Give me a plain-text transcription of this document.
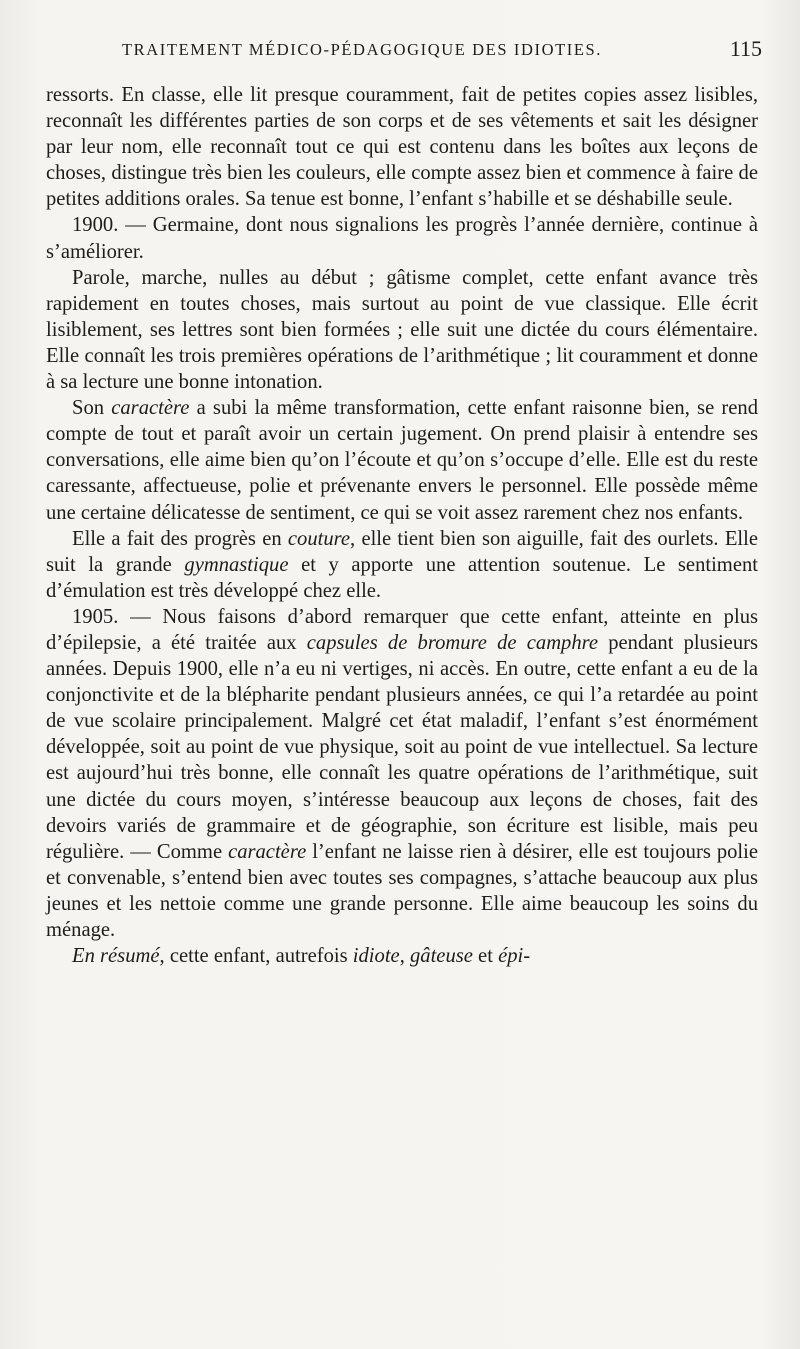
TRAITEMENT MÉDICO-PÉDAGOGIQUE DES IDIOTIES.	115

ressorts. En classe, elle lit presque couramment, fait de petites copies assez lisibles, reconnaît les différentes parties de son corps et de ses vêtements et sait les désigner par leur nom, elle reconnaît tout ce qui est contenu dans les boîtes aux leçons de choses, distingue très bien les couleurs, elle compte assez bien et commence à faire de petites additions orales. Sa tenue est bonne, l’enfant s’habille et se déshabille seule.

1900. — Germaine, dont nous signalions les progrès l’année dernière, continue à s’améliorer.

Parole, marche, nulles au début ; gâtisme complet, cette enfant avance très rapidement en toutes choses, mais surtout au point de vue classique. Elle écrit lisiblement, ses lettres sont bien formées ; elle suit une dictée du cours élémentaire. Elle connaît les trois premières opérations de l’arithmétique ; lit couramment et donne à sa lecture une bonne intonation.

Son caractère a subi la même transformation, cette enfant raisonne bien, se rend compte de tout et paraît avoir un certain jugement. On prend plaisir à entendre ses conversations, elle aime bien qu’on l’écoute et qu’on s’occupe d’elle. Elle est du reste caressante, affectueuse, polie et prévenante envers le personnel. Elle possède même une certaine délicatesse de sentiment, ce qui se voit assez rarement chez nos enfants.

Elle a fait des progrès en couture, elle tient bien son aiguille, fait des ourlets. Elle suit la grande gymnastique et y apporte une attention soutenue. Le sentiment d’émulation est très développé chez elle.

1905. — Nous faisons d’abord remarquer que cette enfant, atteinte en plus d’épilepsie, a été traitée aux capsules de bromure de camphre pendant plusieurs années. Depuis 1900, elle n’a eu ni vertiges, ni accès. En outre, cette enfant a eu de la conjonctivite et de la blépharite pendant plusieurs années, ce qui l’a retardée au point de vue scolaire principalement. Malgré cet état maladif, l’enfant s’est énormément développée, soit au point de vue physique, soit au point de vue intellectuel. Sa lecture est aujourd’hui très bonne, elle connaît les quatre opérations de l’arithmétique, suit une dictée du cours moyen, s’intéresse beaucoup aux leçons de choses, fait des devoirs variés de grammaire et de géographie, son écriture est lisible, mais peu régulière. — Comme caractère l’enfant ne laisse rien à désirer, elle est toujours polie et convenable, s’entend bien avec toutes ses compagnes, s’attache beaucoup aux plus jeunes et les nettoie comme une grande personne. Elle aime beaucoup les soins du ménage.

En résumé, cette enfant, autrefois idiote, gâteuse et épi-
